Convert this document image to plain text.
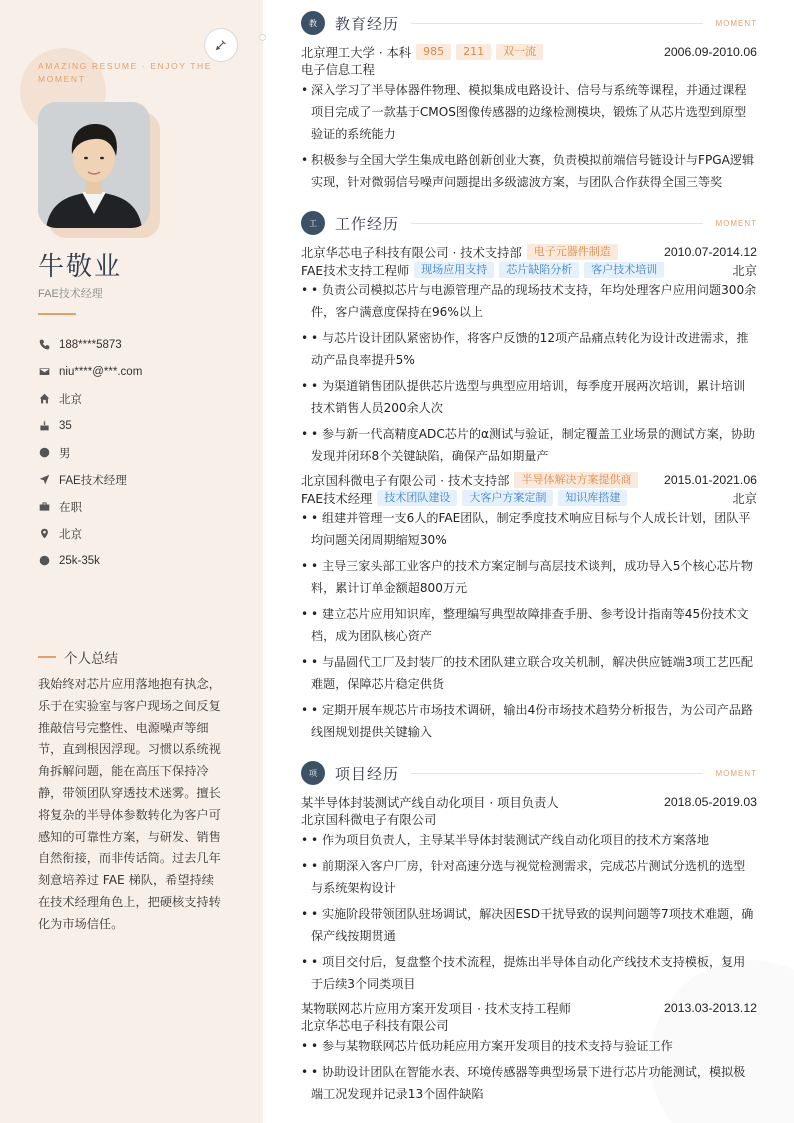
AMAZING RESUME · ENJOY THE MOMENT
牛敬业
FAE技术经理
188****5873
niu****@***.com
北京
35
男
FAE技术经理
在职
北京
25k-35k
个人总结
我始终对芯片应用落地抱有执念，乐于在实验室与客户现场之间反复推敲信号完整性、电源噪声等细节，直到根因浮现。习惯以系统视角拆解问题，能在高压下保持冷静，带领团队穿透技术迷雾。擅长将复杂的半导体参数转化为客户可感知的可靠性方案，与研发、销售自然衔接，而非传话筒。过去几年刻意培养过 FAE 梯队，希望持续在技术经理角色上，把硬核支持转化为市场信任。
教	教育经历	MOMENT
北京理工大学 · 本科	985	211	双一流	2006.09-2010.06
电子信息工程
• 深入学习了半导体器件物理、模拟集成电路设计、信号与系统等课程，并通过课程项目完成了一款基于CMOS图像传感器的边缘检测模块，锻炼了从芯片选型到原型验证的系统能力
• 积极参与全国大学生集成电路创新创业大赛，负责模拟前端信号链设计与FPGA逻辑实现，针对微弱信号噪声问题提出多级滤波方案，与团队合作获得全国三等奖
工	工作经历	MOMENT
北京华芯电子科技有限公司 · 技术支持部	电子元器件制造	2010.07-2014.12
FAE技术支持工程师	现场应用支持	芯片缺陷分析	客户技术培训	北京
• • 负责公司模拟芯片与电源管理产品的现场技术支持，年均处理客户应用问题300余件，客户满意度保持在96%以上
• • 与芯片设计团队紧密协作，将客户反馈的12项产品痛点转化为设计改进需求，推动产品良率提升5%
• • 为渠道销售团队提供芯片选型与典型应用培训，每季度开展两次培训，累计培训技术销售人员200余人次
• • 参与新一代高精度ADC芯片的α测试与验证，制定覆盖工业场景的测试方案，协助发现并闭环8个关键缺陷，确保产品如期量产
北京国科微电子有限公司 · 技术支持部	半导体解决方案提供商	2015.01-2021.06
FAE技术经理	技术团队建设	大客户方案定制	知识库搭建	北京
• • 组建并管理一支6人的FAE团队，制定季度技术响应目标与个人成长计划，团队平均问题关闭周期缩短30%
• • 主导三家头部工业客户的技术方案定制与高层技术谈判，成功导入5个核心芯片物料，累计订单金额超800万元
• • 建立芯片应用知识库，整理编写典型故障排查手册、参考设计指南等45份技术文档，成为团队核心资产
• • 与晶圆代工厂及封装厂的技术团队建立联合攻关机制，解决供应链端3项工艺匹配难题，保障芯片稳定供货
• • 定期开展车规芯片市场技术调研，输出4份市场技术趋势分析报告，为公司产品路线图规划提供关键输入
项	项目经历	MOMENT
某半导体封装测试产线自动化项目 · 项目负责人	2018.05-2019.03
北京国科微电子有限公司
• • 作为项目负责人，主导某半导体封装测试产线自动化项目的技术方案落地
• • 前期深入客户厂房，针对高速分选与视觉检测需求，完成芯片测试分选机的选型与系统架构设计
• • 实施阶段带领团队驻场调试，解决因ESD干扰导致的误判问题等7项技术难题，确保产线按期贯通
• • 项目交付后，复盘整个技术流程，提炼出半导体自动化产线技术支持模板，复用于后续3个同类项目
某物联网芯片应用方案开发项目 · 技术支持工程师	2013.03-2013.12
北京华芯电子科技有限公司
• • 参与某物联网芯片低功耗应用方案开发项目的技术支持与验证工作
• • 协助设计团队在智能水表、环境传感器等典型场景下进行芯片功能测试，模拟极端工况发现并记录13个固件缺陷
